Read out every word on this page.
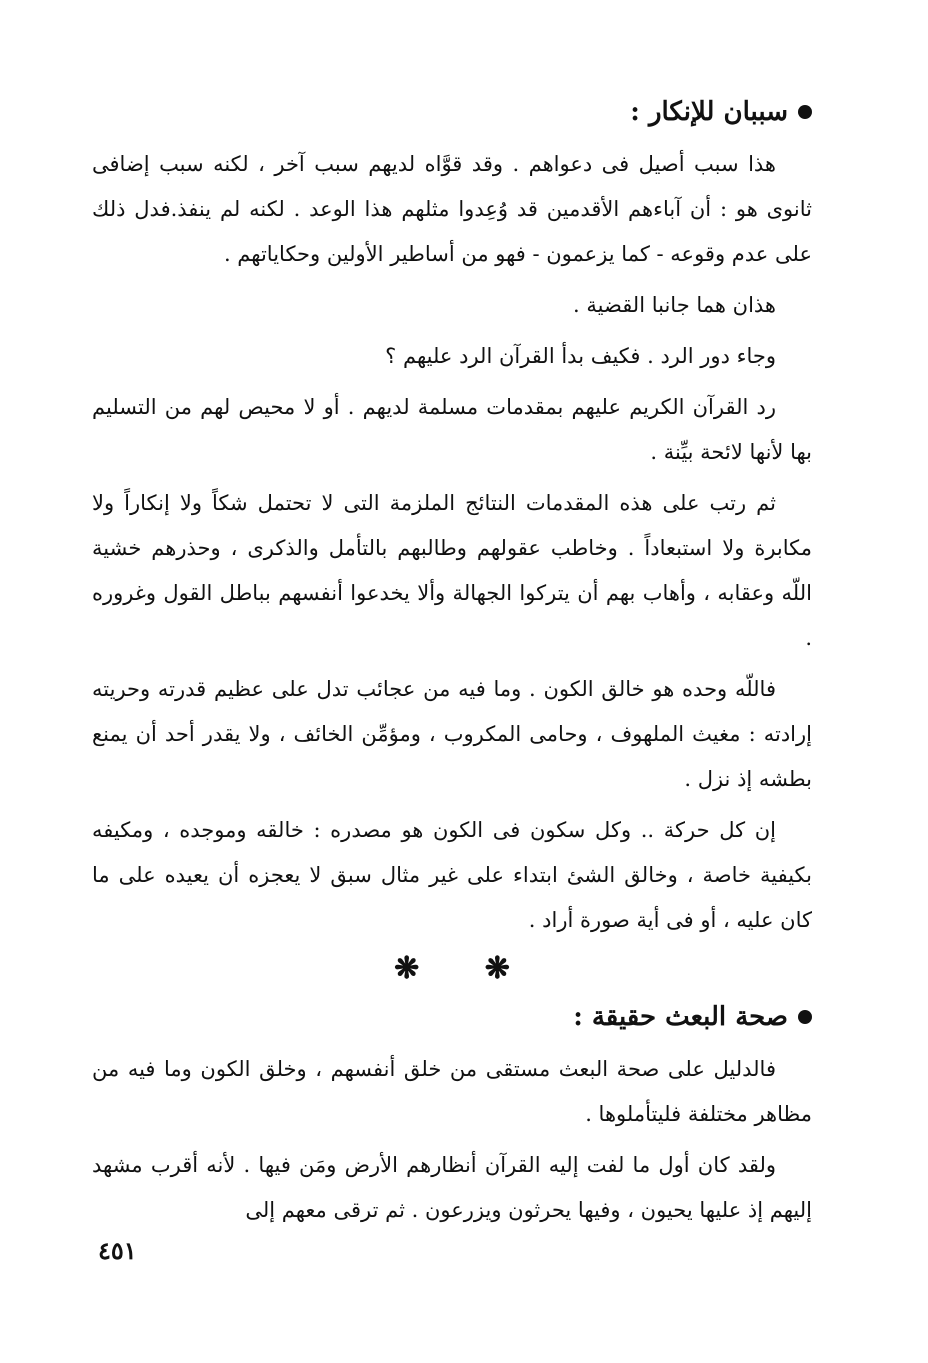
سببان للإنكار :

هذا سبب أصيل فى دعواهم . وقد قوَّاه لديهم سبب آخر ، لكنه سبب إضافى ثانوى هو : أن آباءهم الأقدمين قد وُعِدوا مثلهم هذا الوعد . لكنه لم ينفذ.فدل ذلك على عدم وقوعه - كما يزعمون - فهو من أساطير الأولين وحكاياتهم .

هذان هما جانبا القضية .

وجاء دور الرد . فكيف بدأ القرآن الرد عليهم ؟

رد القرآن الكريم عليهم بمقدمات مسلمة لديهم . أو لا محيص لهم من التسليم بها لأنها لائحة بيِّنة .

ثم رتب على هذه المقدمات النتائج الملزمة التى لا تحتمل شكاً ولا إنكاراً ولا مكابرة ولا استبعاداً . وخاطب عقولهم وطالبهم بالتأمل والذكرى ، وحذرهم خشية اللّه وعقابه ، وأهاب بهم أن يتركوا الجهالة وألا يخدعوا أنفسهم بباطل القول وغروره .

فاللّه وحده هو خالق الكون . وما فيه من عجائب تدل على عظيم قدرته وحريته إرادته : مغيث الملهوف ، وحامى المكروب ، ومؤمِّن الخائف ، ولا يقدر أحد أن يمنع بطشه إذ نزل .

إن كل حركة .. وكل سكون فى الكون هو مصدره : خالقه وموجده ، ومكيفه بكيفية خاصة ، وخالق الشئ ابتداء على غير مثال سبق لا يعجزه أن يعيده على ما كان عليه ، أو فى أية صورة أراد .

❋ ❋
صحة البعث حقيقة :

فالدليل على صحة البعث مستقى من خلق أنفسهم ، وخلق الكون وما فيه من مظاهر مختلفة فليتأملوها .

ولقد كان أول ما لفت إليه القرآن أنظارهم الأرض ومَن فيها . لأنه أقرب مشهد إليهم إذ عليها يحيون ، وفيها يحرثون ويزرعون . ثم ترقى معهم إلى

٤٥١
